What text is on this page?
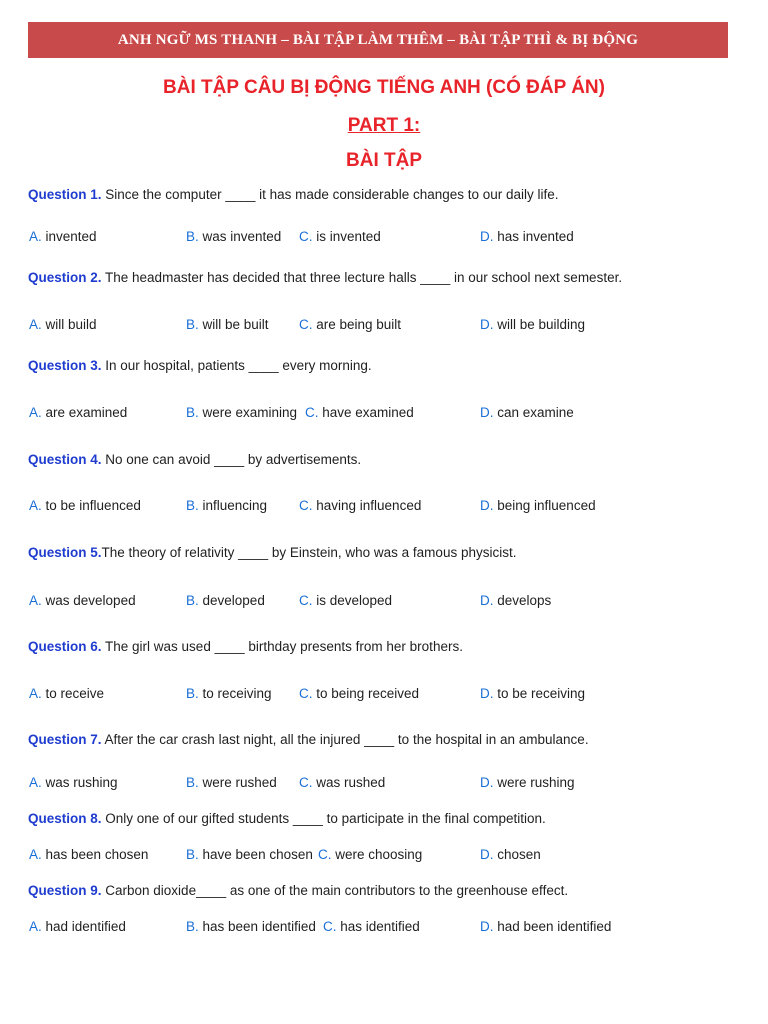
ANH NGỮ MS THANH – BÀI TẬP LÀM THÊM – BÀI TẬP THÌ & BỊ ĐỘNG
BÀI TẬP CÂU BỊ ĐỘNG TIẾNG ANH (CÓ ĐÁP ÁN)
PART 1:
BÀI TẬP
Question 1. Since the computer ____ it has made considerable changes to our daily life.
A. invented	B. was invented C. is invented	D. has invented
Question 2. The headmaster has decided that three lecture halls ____ in our school next semester.
A. will build	B. will be built C. are being built	D. will be building
Question 3. In our hospital, patients ____ every morning.
A. are examined	B. were examining C. have examined	D. can examine
Question 4. No one can avoid ____ by advertisements.
A. to be influenced	B. influencing C. having influenced	D. being influenced
Question 5.The theory of relativity ____ by Einstein, who was a famous physicist.
A. was developed	B. developed	C. is developed	D. develops
Question 6. The girl was used ____ birthday presents from her brothers.
A. to receive	B. to receiving C. to being received	D. to be receiving
Question 7. After the car crash last night, all the injured ____ to the hospital in an ambulance.
A. was rushing	B. were rushed C. was rushed	D. were rushing
Question 8. Only one of our gifted students ____ to participate in the final competition.
A. has been chosen	B. have been chosen C. were choosing	D. chosen
Question 9. Carbon dioxide____ as one of the main contributors to the greenhouse effect.
A. had identified	B. has been identified C. has identified	D. had been identified
